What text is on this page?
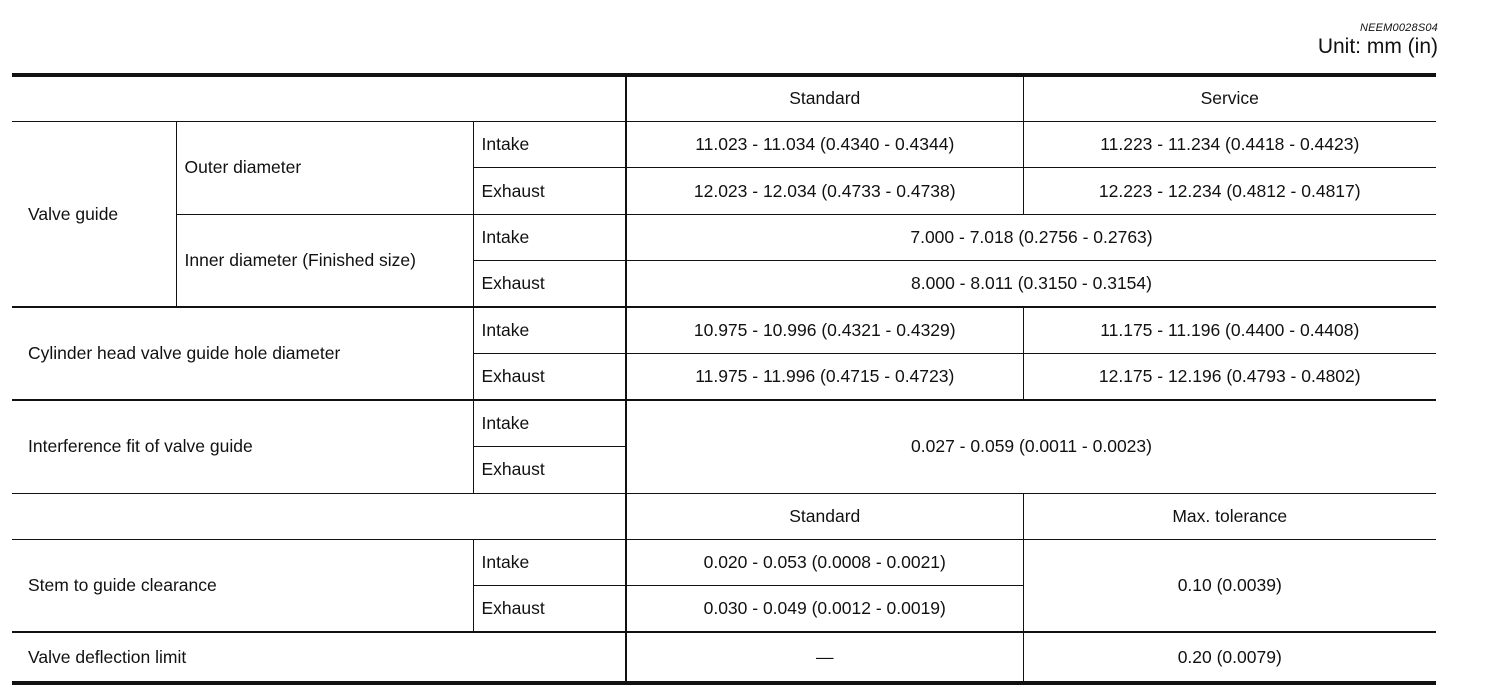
NEEM0028S04
Unit: mm (in)
			Standard	Service
Valve guide	Outer diameter	Intake	11.023 - 11.034 (0.4340 - 0.4344)	11.223 - 11.234 (0.4418 - 0.4423)
		Exhaust	12.023 - 12.034 (0.4733 - 0.4738)	12.223 - 12.234 (0.4812 - 0.4817)
	Inner diameter (Finished size)	Intake	7.000 - 7.018 (0.2756 - 0.2763)	
		Exhaust	8.000 - 8.011 (0.3150 - 0.3154)	
Cylinder head valve guide hole diameter		Intake	10.975 - 10.996 (0.4321 - 0.4329)	11.175 - 11.196 (0.4400 - 0.4408)
		Exhaust	11.975 - 11.996 (0.4715 - 0.4723)	12.175 - 12.196 (0.4793 - 0.4802)
Interference fit of valve guide		Intake	0.027 - 0.059 (0.0011 - 0.0023)	
		Exhaust		
			Standard	Max. tolerance
Stem to guide clearance		Intake	0.020 - 0.053 (0.0008 - 0.0021)	0.10 (0.0039)
		Exhaust	0.030 - 0.049 (0.0012 - 0.0019)	
Valve deflection limit			—	0.20 (0.0079)
